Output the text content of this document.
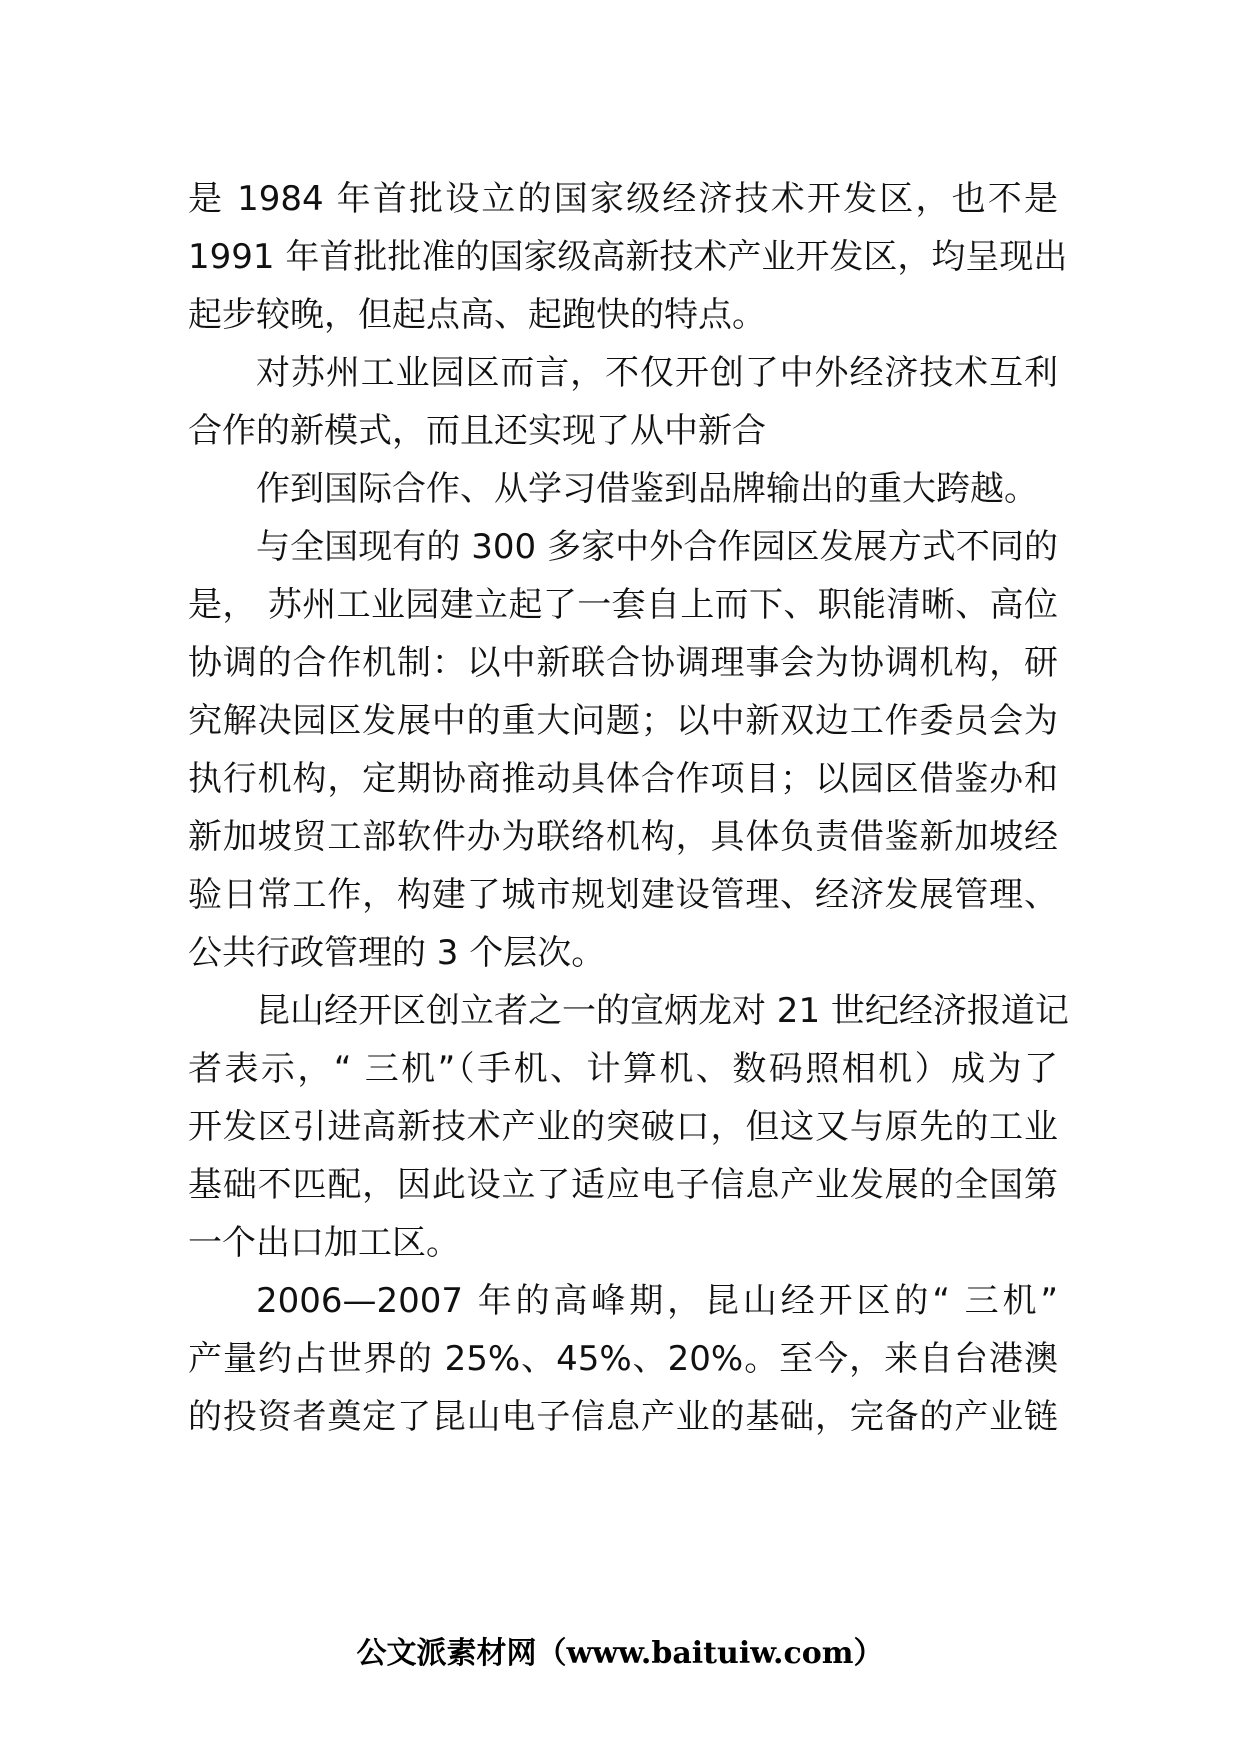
是 1984 年首批设立的国家级经济技术开发区，也不是
1991 年首批批准的国家级高新技术产业开发区，均呈现出
起步较晚，但起点高、起跑快的特点。
对苏州工业园区而言，不仅开创了中外经济技术互利
合作的新模式，而且还实现了从中新合
作到国际合作、从学习借鉴到品牌输出的重大跨越。
与全国现有的 300 多家中外合作园区发展方式不同的
是， 苏州工业园建立起了一套自上而下、职能清晰、高位
协调的合作机制：以中新联合协调理事会为协调机构，研
究解决园区发展中的重大问题；以中新双边工作委员会为
执行机构，定期协商推动具体合作项目；以园区借鉴办和
新加坡贸工部软件办为联络机构，具体负责借鉴新加坡经
验日常工作，构建了城市规划建设管理、经济发展管理、
公共行政管理的 3 个层次。
昆山经开区创立者之一的宣炳龙对 21 世纪经济报道记
者表示，“ 三机”（手机、计算机、数码照相机）成为了
开发区引进高新技术产业的突破口，但这又与原先的工业
基础不匹配，因此设立了适应电子信息产业发展的全国第
一个出口加工区。
2006—2007 年的高峰期，昆山经开区的“ 三机”
产量约占世界的 25%、45%、20%。至今，来自台港澳
的投资者奠定了昆山电子信息产业的基础，完备的产业链
公文派素材网（www.baituiw.com）
